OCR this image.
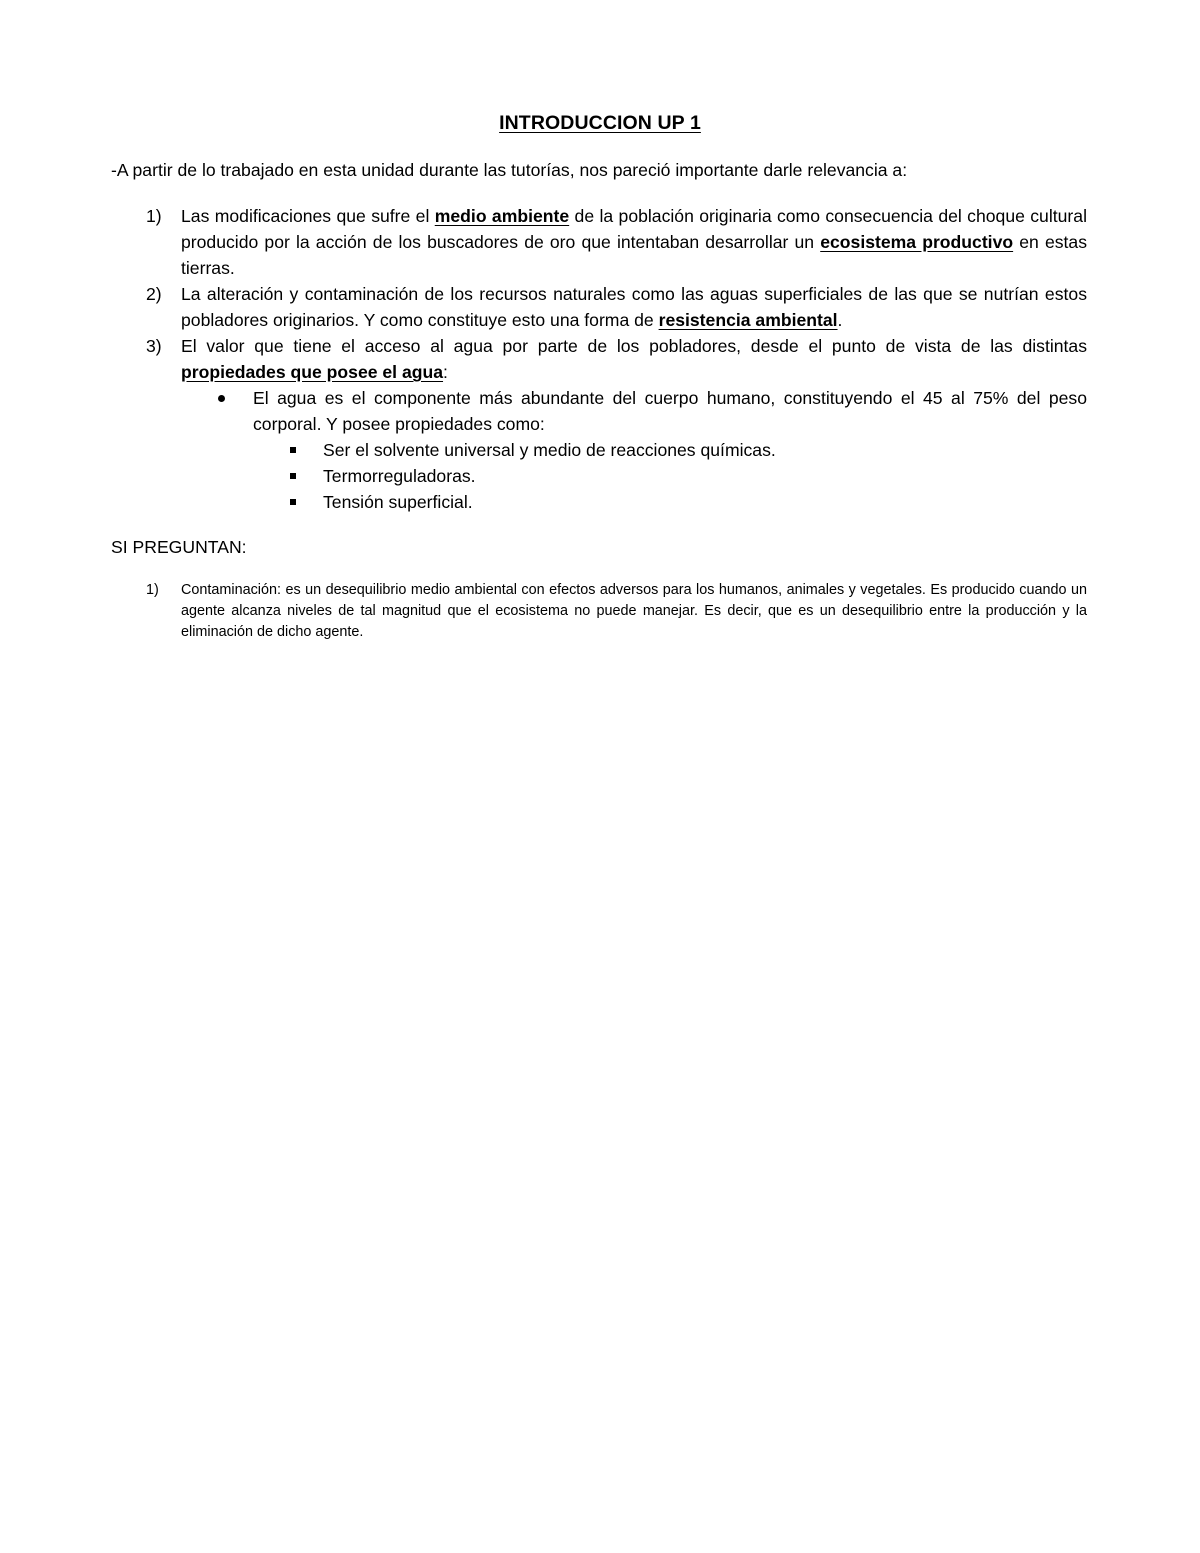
INTRODUCCION UP 1
-A partir de lo trabajado en esta unidad durante las tutorías, nos pareció importante darle relevancia a:
1) Las modificaciones que sufre el medio ambiente de la población originaria como consecuencia del choque cultural producido por la acción de los buscadores de oro que intentaban desarrollar un ecosistema productivo en estas tierras.
2) La alteración y contaminación de los recursos naturales como las aguas superficiales de las que se nutrían estos pobladores originarios. Y como constituye esto una forma de resistencia ambiental.
3) El valor que tiene el acceso al agua por parte de los pobladores, desde el punto de vista de las distintas propiedades que posee el agua:
El agua es el componente más abundante del cuerpo humano, constituyendo el 45 al 75% del peso corporal. Y posee propiedades como:
Ser el solvente universal y medio de reacciones químicas.
Termorreguladoras.
Tensión superficial.
SI PREGUNTAN:
1) Contaminación: es un desequilibrio medio ambiental con efectos adversos para los humanos, animales y vegetales. Es producido cuando un agente alcanza niveles de tal magnitud que el ecosistema no puede manejar. Es decir, que es un desequilibrio entre la producción y la eliminación de dicho agente.
